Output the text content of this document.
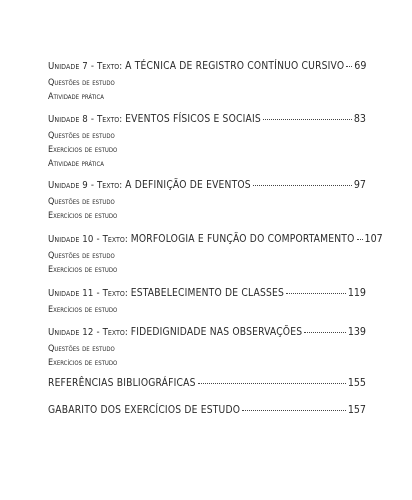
Unidade 7 - Texto: A TÉCNICA DE REGISTRO CONTÍNUO CURSIVO 69
Questões de estudo
Atividade prática
Unidade 8 - Texto: EVENTOS FÍSICOS E SOCIAIS	83
Questões de estudo
Exercícios de estudo
Atividade prática
Unidade 9 - Texto: A DEFINIÇÃO DE EVENTOS	97
Questões de estudo
Exercícios de estudo
Unidade 10 - Texto: MORFOLOGIA E FUNÇÃO DO COMPORTAMENTO 107
Questões de estudo
Exercícios de estudo
Unidade 11 - Texto: ESTABELECIMENTO DE CLASSES	119
Exercícios de estudo
Unidade 12 - Texto: FIDEDIGNIDADE NAS OBSERVAÇÕES	139
Questões de estudo
Exercícios de estudo
REFERÊNCIAS BIBLIOGRÁFICAS	155
GABARITO DOS EXERCÍCIOS DE ESTUDO	157
